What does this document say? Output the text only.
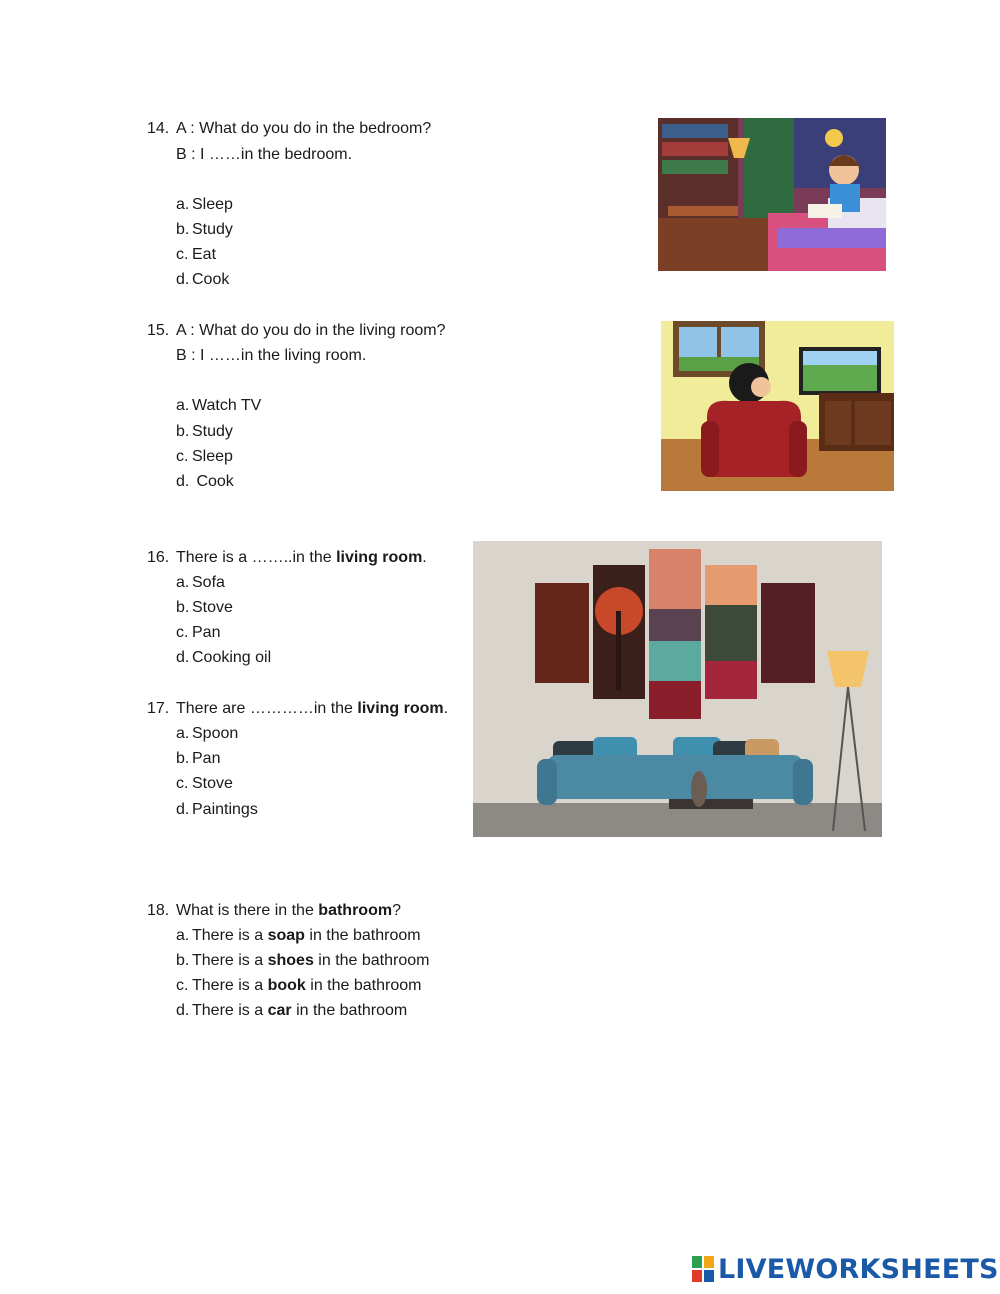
14. A : What do you do in the bedroom?
B : I ……in the bedroom.
a. Sleep
b. Study
c. Eat
d. Cook
15. A : What do you do in the living room?
B : I ……in the living room.
a. Watch TV
b. Study
c. Sleep
d. Cook
16. There is a ……..in the living room.
a. Sofa
b. Stove
c. Pan
d. Cooking oil
17. There are …………in the living room.
a. Spoon
b. Pan
c. Stove
d. Paintings
18. What is there in the bathroom?
a. There is a soap in the bathroom
b. There is a shoes in the bathroom
c. There is a book in the bathroom
d. There is a car in the bathroom
LIVEWORKSHEETS
